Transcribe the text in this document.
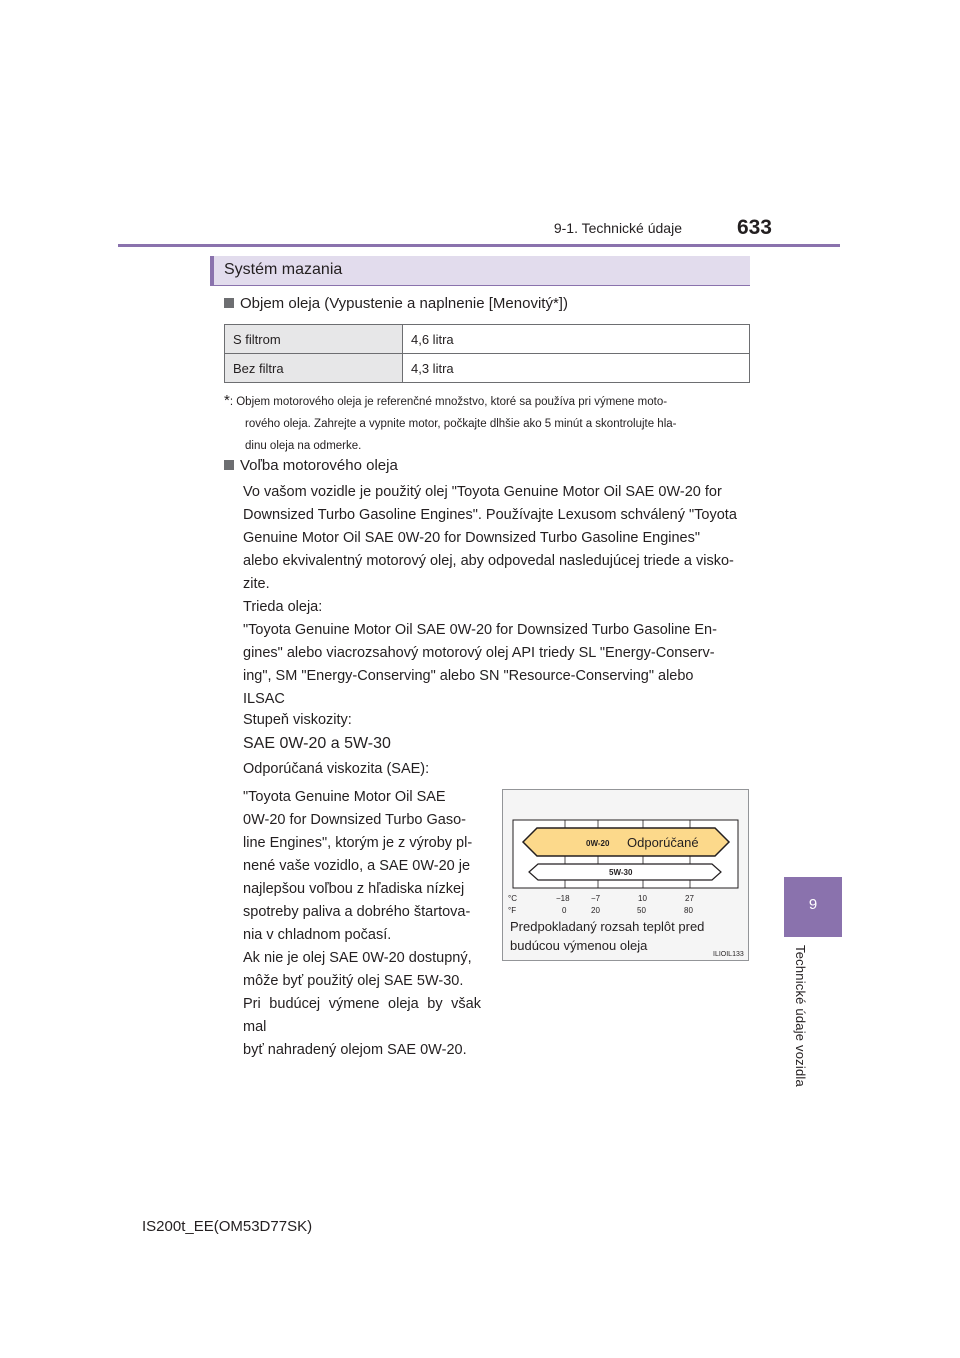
9-1. Technické údaje	633
9
Technické údaje vozidla
Systém mazania
Objem oleja (Vypustenie a naplnenie [Menovitý*])
S filtrom	4,6 litra
Bez filtra	4,3 litra
*: Objem motorového oleja je referenčné množstvo, ktoré sa používa pri výmene moto-
rového oleja. Zahrejte a vypnite motor, počkajte dlhšie ako 5 minút a skontrolujte hla-
dinu oleja na odmerke.
Voľba motorového oleja
Vo vašom vozidle je použitý olej "Toyota Genuine Motor Oil SAE 0W-20 for
Downsized Turbo Gasoline Engines". Používajte Lexusom schválený "Toyota
Genuine Motor Oil SAE 0W-20 for Downsized Turbo Gasoline Engines"
alebo ekvivalentný motorový olej, aby odpovedal nasledujúcej triede a visko-
zite.
Trieda oleja:
"Toyota Genuine Motor Oil SAE 0W-20 for Downsized Turbo Gasoline En-
gines" alebo viacrozsahový motorový olej API triedy SL "Energy-Conserv-
ing", SM "Energy-Conserving" alebo SN "Resource-Conserving" alebo
ILSAC
Stupeň viskozity:
SAE 0W-20 a 5W-30
Odporúčaná viskozita (SAE):
"Toyota Genuine Motor Oil SAE
0W-20 for Downsized Turbo Gaso-
line Engines", ktorým je z výroby pl-
nené vaše vozidlo, a SAE 0W-20 je
najlepšou voľbou z hľadiska nízkej
spotreby paliva a dobrého štartova-
nia v chladnom počasí.
Ak nie je olej SAE 0W-20 dostupný,
môže byť použitý olej SAE 5W-30.
Pri budúcej výmene oleja by však mal
byť nahradený olejom SAE 0W-20.
0W-20 Odporúčané
5W-30
°C
°F
−18	−7	10	27
0	20	50	80
Predpokladaný rozsah teplôt pred
budúcou výmenou oleja
ILIOIL133
IS200t_EE(OM53D77SK)
